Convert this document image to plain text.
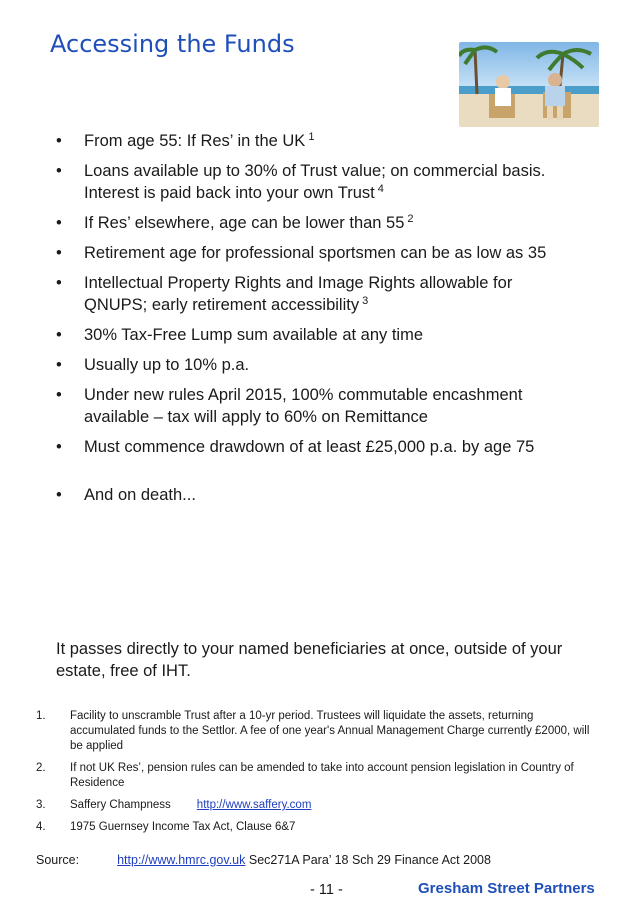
Accessing the Funds
• From age 55: If Res’ in the UK $^1$
• Loans available up to 30% of Trust value; on commercial basis. Interest is paid back into your own Trust $^4$
• If Res’ elsewhere, age can be lower than 55 $^2$
• Retirement age for professional sportsmen can be as low as 35
• Intellectual Property Rights and Image Rights allowable for QNUPS; early retirement accessibility $^3$
• 30% Tax-Free Lump sum available at any time
• Usually up to 10% p.a.
• Under new rules April 2015, 100% commutable encashment available – tax will apply to 60% on Remittance
• Must commence drawdown of at least £25,000 p.a. by age 75
• And on death...
It passes directly to your named beneficiaries at once, outside of your estate, free of IHT.
1. Facility to unscramble Trust after a 10-yr period. Trustees will liquidate the assets, returning accumulated funds to the Settlor. A fee of one year's Annual Management Charge currently £2000, will be applied
2. If not UK Res’, pension rules can be amended to take into account pension legislation in Country of Residence
3. Saffery Champness http://www.saffery.com
4. 1975 Guernsey Income Tax Act, Clause 6&7
Source:	http://www.hmrc.gov.uk Sec271A Para’ 18 Sch 29 Finance Act 2008
- 11 -	Gresham Street Partners
